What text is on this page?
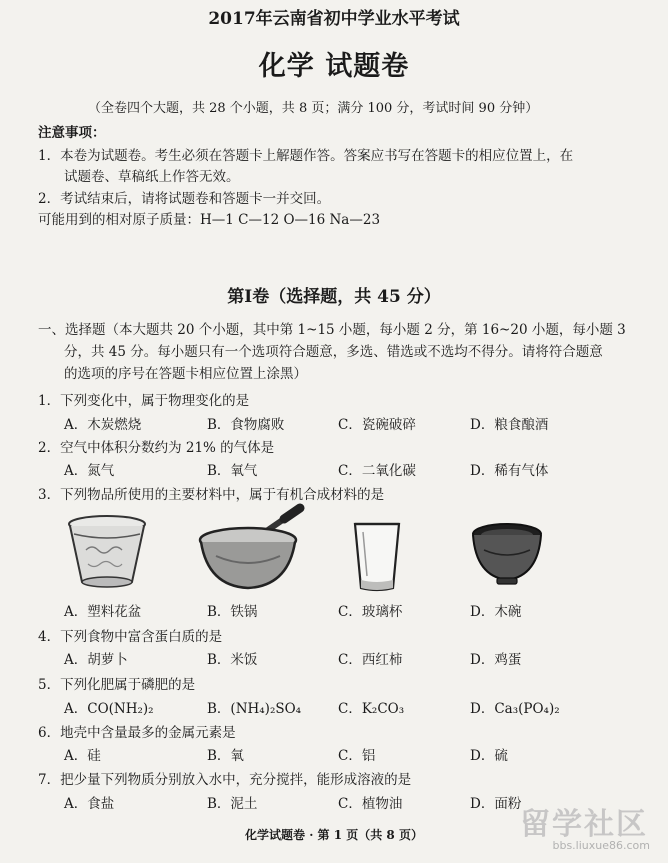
2017年云南省初中学业水平考试
化学 试题卷
（全卷四个大题，共 28 个小题，共 8 页；满分 100 分，考试时间 90 分钟）
注意事项：
1．本卷为试题卷。考生必须在答题卡上解题作答。答案应书写在答题卡的相应位置上，在
试题卷、草稿纸上作答无效。
2．考试结束后，请将试题卷和答题卡一并交回。
可能用到的相对原子质量：H—1 C—12 O—16 Na—23
第Ⅰ卷（选择题，共 45 分）
一、选择题（本大题共 20 个小题，其中第 1~15 小题，每小题 2 分，第 16~20 小题，每小题 3
分，共 45 分。每小题只有一个选项符合题意，多选、错选或不选均不得分。请将符合题意
的选项的序号在答题卡相应位置上涂黑）
1．下列变化中，属于物理变化的是
A．木炭燃烧	B．食物腐败	C．瓷碗破碎	D．粮食酿酒
2．空气中体积分数约为 21% 的气体是
A．氮气	B．氧气	C．二氧化碳	D．稀有气体
3．下列物品所使用的主要材料中，属于有机合成材料的是
A．塑料花盆	B．铁锅	C．玻璃杯	D．木碗
4．下列食物中富含蛋白质的是
A．胡萝卜	B．米饭	C．西红柿	D．鸡蛋
5．下列化肥属于磷肥的是
A．CO(NH₂)₂	B．(NH₄)₂SO₄	C．K₂CO₃	D．Ca₃(PO₄)₂
6．地壳中含量最多的金属元素是
A．硅	B．氧	C．铝	D．硫
7．把少量下列物质分别放入水中，充分搅拌，能形成溶液的是
A．食盐	B．泥土	C．植物油	D．面粉
化学试题卷 · 第 1 页（共 8 页）	留学社区
bbs.liuxue86.com
